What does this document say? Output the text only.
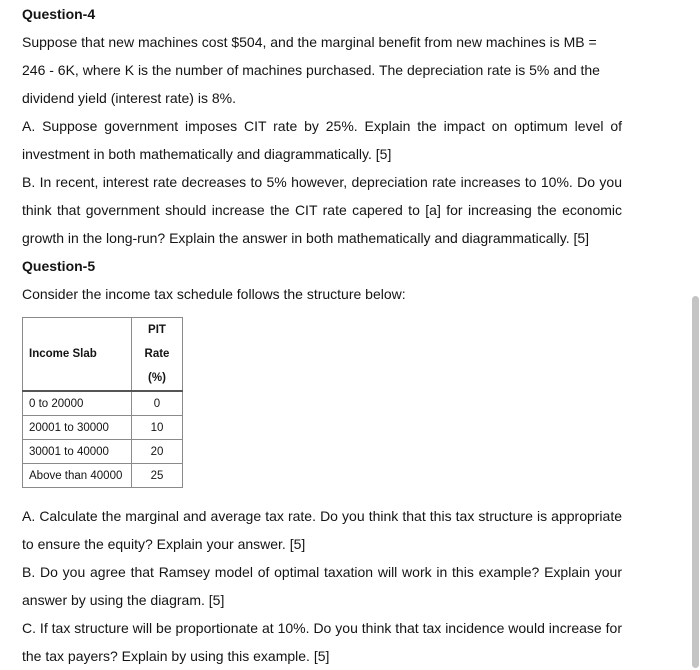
Question-4

Suppose that new machines cost $504, and the marginal benefit from new machines is MB = 246 - 6K, where K is the number of machines purchased. The depreciation rate is 5% and the dividend yield (interest rate) is 8%.

A. Suppose government imposes CIT rate by 25%. Explain the impact on optimum level of investment in both mathematically and diagrammatically. [5]

B. In recent, interest rate decreases to 5% however, depreciation rate increases to 10%. Do you think that government should increase the CIT rate capered to [a] for increasing the economic growth in the long-run? Explain the answer in both mathematically and diagrammatically. [5]

Question-5

Consider the income tax schedule follows the structure below:

Income Slab	PIT
Rate
(%)

0 to 20000	0
20001 to 30000	10
30001 to 40000	20
Above than 40000	25

A. Calculate the marginal and average tax rate. Do you think that this tax structure is appropriate to ensure the equity? Explain your answer. [5]

B. Do you agree that Ramsey model of optimal taxation will work in this example? Explain your answer by using the diagram. [5]

C. If tax structure will be proportionate at 10%. Do you think that tax incidence would increase for the tax payers? Explain by using this example. [5]
